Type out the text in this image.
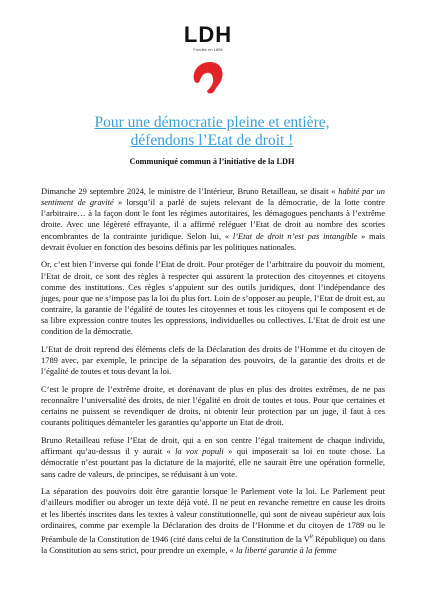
LDH
Fondée en 1898
Pour une démocratie pleine et entière,
défendons l’Etat de droit !
Communiqué commun à l’initiative de la LDH

Dimanche 29 septembre 2024, le ministre de l’Intérieur, Bruno Retailleau, se disait « habité par un sentiment de gravité » lorsqu’il a parlé de sujets relevant de la démocratie, de la lotte contre l’arbitraire… à la façon dont le font les régimes autoritaires, les démagogues penchants à l’extrême droite. Avec une légèreté effrayante, il a affirmé reléguer l’Etat de droit au nombre des scories encombrantes de la contrainte juridique. Selon lui, « l’Etat de droit n’est pas intangible » mais devrait évoluer en fonction des besoins définis par les politiques nationales.

Or, c’est bien l’inverse qui fonde l’Etat de droit. Pour protéger de l’arbitraire du pouvoir du moment, l’Etat de droit, ce sont des règles à respecter qui assurent la protection des citoyennes et citoyens comme des institutions. Ces règles s’appuient sur des outils juridiques, dont l’indépendance des juges, pour que ne s’impose pas la loi du plus fort. Loin de s’opposer au peuple, l’Etat de droit est, au contraire, la garantie de l’égalité de toutes les citoyennes et tous les citoyens qui le composent et de sa libre expression contre toutes les oppressions, individuelles ou collectives. L’Etat de droit est une condition de la démocratie.

L’Etat de droit reprend des éléments clefs de la Déclaration des droits de l’Homme et du citoyen de 1789 avec, par exemple, le principe de la séparation des pouvoirs, de la garantie des droits et de l’égalité de toutes et tous devant la loi.

C’est le propre de l’extrême droite, et dorénavant de plus en plus des droites extrêmes, de ne pas reconnaître l’universalité des droits, de nier l’égalité en droit de toutes et tous. Pour que certaines et certains ne puissent se revendiquer de droits, ni obtenir leur protection par un juge, il faut à ces courants politiques démanteler les garanties qu’apporte un Etat de droit.

Bruno Retailleau refuse l’Etat de droit, qui a en son centre l’égal traitement de chaque individu, affirmant qu’au-dessus il y aurait « la vox populi » qui imposerait sa loi en toute chose. La démocratie n’est pourtant pas la dictature de la majorité, elle ne saurait être une opération formelle, sans cadre de valeurs, de principes, se réduisant à un vote.

La séparation des pouvoirs doit être garantie lorsque le Parlement vote la loi. Le Parlement peut d’ailleurs modifier ou abroger un texte déjà voté. Il ne peut en revanche remettre en cause les droits et les libertés inscrites dans les textes à valeur constitutionnelle, qui sont de niveau supérieur aux lois ordinaires, comme par exemple la Déclaration des droits de l’Homme et du citoyen de 1789 ou le Préambule de la Constitution de 1946 (cité dans celui de la Constitution de la Ve République) ou dans la Constitution au sens strict, pour prendre un exemple, « la liberté garantie à la femme
